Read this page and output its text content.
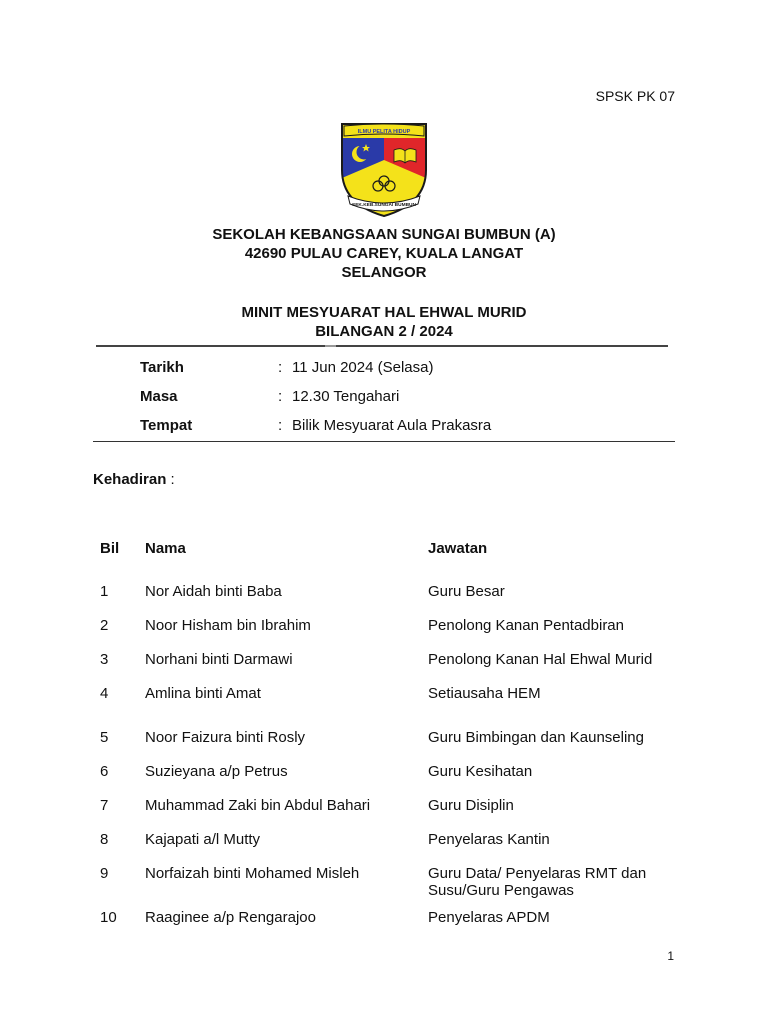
SPSK PK 07
ILMU PELITA HIDUP
SEK.KEB.SUNGAI BUMBUN
SEKOLAH KEBANGSAAN SUNGAI BUMBUN (A)
42690 PULAU CAREY, KUALA LANGAT
SELANGOR
MINIT MESYUARAT HAL EHWAL MURID
BILANGAN 2 / 2024
Tarikh	: 11 Jun 2024 (Selasa)
Masa	: 12.30 Tengahari
Tempat	: Bilik Mesyuarat Aula Prakasra
Kehadiran :
Bil Nama	Jawatan
1 Nor Aidah binti Baba	Guru Besar
2 Noor Hisham bin Ibrahim	Penolong Kanan Pentadbiran
3 Norhani binti Darmawi	Penolong Kanan Hal Ehwal Murid
4 Amlina binti Amat	Setiausaha HEM
5 Noor Faizura binti Rosly	Guru Bimbingan dan Kaunseling
6 Suzieyana a/p Petrus	Guru Kesihatan
7 Muhammad Zaki bin Abdul Bahari	Guru Disiplin
8 Kajapati a/l Mutty	Penyelaras Kantin
9 Norfaizah binti Mohamed Misleh	Guru Data/ Penyelaras RMT dan Susu/Guru Pengawas
10 Raaginee a/p Rengarajoo	Penyelaras APDM
1
